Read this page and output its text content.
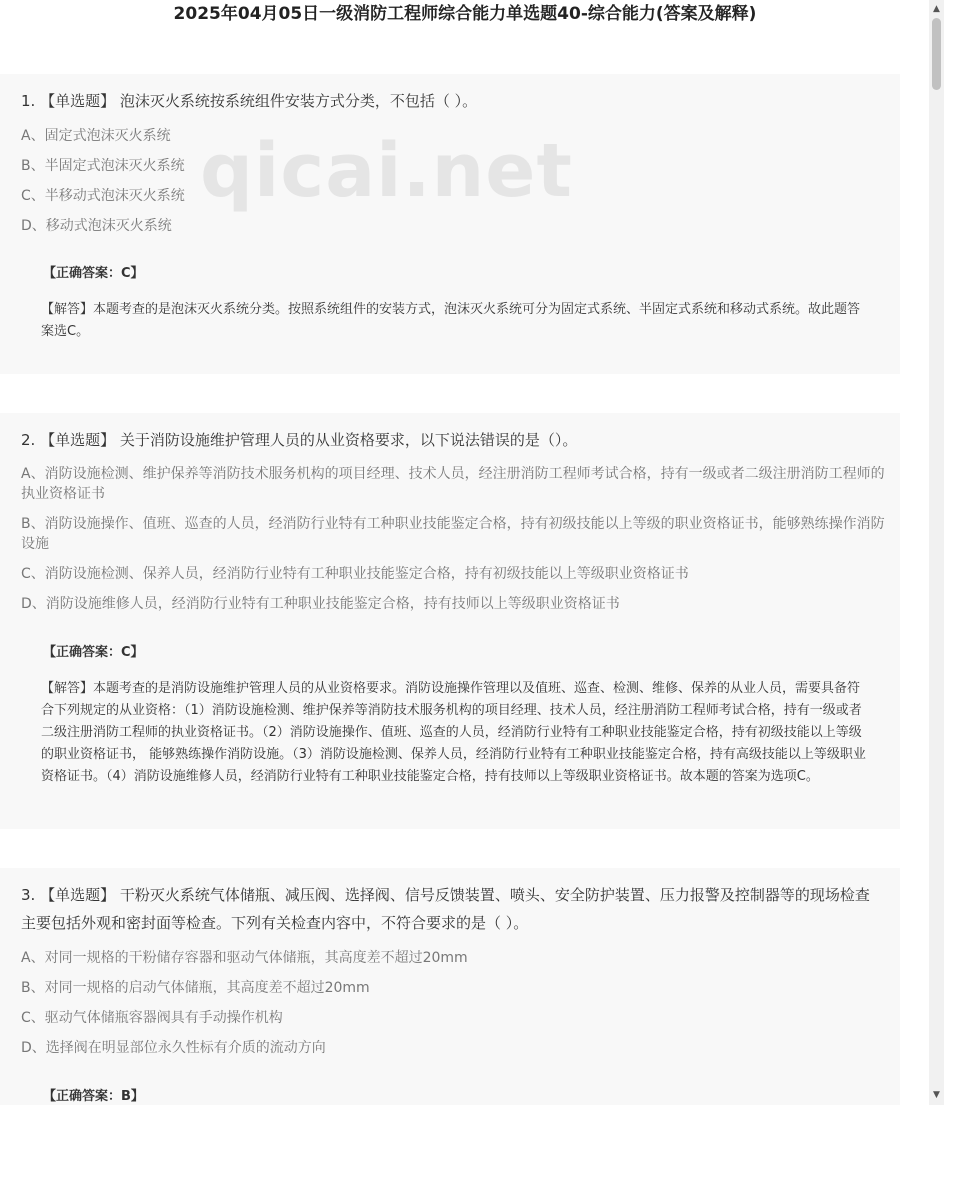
2025年04月05日一级消防工程师综合能力单选题40-综合能力(答案及解释)
1. 【单选题】 泡沫灭火系统按系统组件安装方式分类，不包括（ ）。
A、固定式泡沫灭火系统
B、半固定式泡沫灭火系统
C、半移动式泡沫灭火系统
D、移动式泡沫灭火系统
【正确答案：C】
【解答】本题考查的是泡沫灭火系统分类。按照系统组件的安装方式，泡沫灭火系统可分为固定式系统、半固定式系统和移动式系统。故此题答案选C。
2. 【单选题】 关于消防设施维护管理人员的从业资格要求，以下说法错误的是（）。
A、消防设施检测、维护保养等消防技术服务机构的项目经理、技术人员，经注册消防工程师考试合格，持有一级或者二级注册消防工程师的执业资格证书
B、消防设施操作、值班、巡查的人员，经消防行业特有工种职业技能鉴定合格，持有初级技能以上等级的职业资格证书，能够熟练操作消防设施
C、消防设施检测、保养人员，经消防行业特有工种职业技能鉴定合格，持有初级技能以上等级职业资格证书
D、消防设施维修人员，经消防行业特有工种职业技能鉴定合格，持有技师以上等级职业资格证书
【正确答案：C】
【解答】本题考查的是消防设施维护管理人员的从业资格要求。消防设施操作管理以及值班、巡查、检测、维修、保养的从业人员，需要具备符合下列规定的从业资格：（1）消防设施检测、维护保养等消防技术服务机构的项目经理、技术人员，经注册消防工程师考试合格，持有一级或者二级注册消防工程师的执业资格证书。（2）消防设施操作、值班、巡查的人员，经消防行业特有工种职业技能鉴定合格，持有初级技能以上等级的职业资格证书， 能够熟练操作消防设施。（3）消防设施检测、保养人员，经消防行业特有工种职业技能鉴定合格，持有高级技能以上等级职业资格证书。（4）消防设施维修人员，经消防行业特有工种职业技能鉴定合格，持有技师以上等级职业资格证书。故本题的答案为选项C。
3. 【单选题】 干粉灭火系统气体储瓶、减压阀、选择阀、信号反馈装置、喷头、安全防护装置、压力报警及控制器等的现场检查主要包括外观和密封面等检查。下列有关检查内容中，不符合要求的是（ ）。
A、对同一规格的干粉储存容器和驱动气体储瓶，其高度差不超过20mm
B、对同一规格的启动气体储瓶，其高度差不超过20mm
C、驱动气体储瓶容器阀具有手动操作机构
D、选择阀在明显部位永久性标有介质的流动方向
【正确答案：B】
qicai.net
▲
▼
